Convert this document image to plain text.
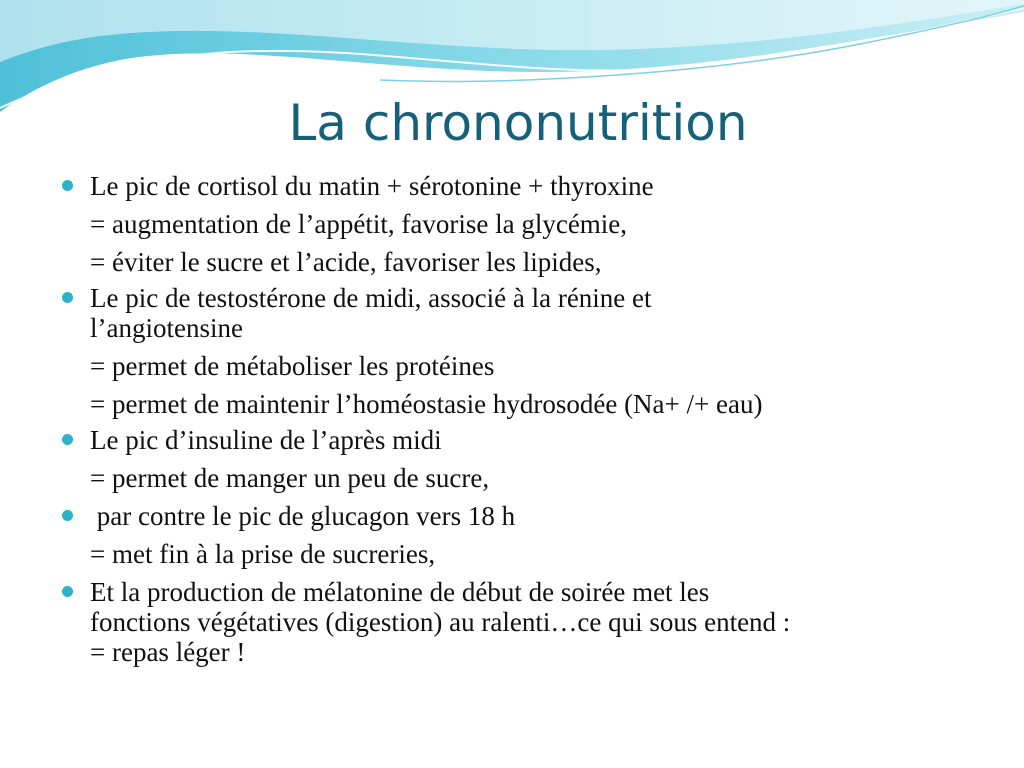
La chrononutrition
Le pic de cortisol du matin + sérotonine + thyroxine
= augmentation de l’appétit, favorise la glycémie,
= éviter le sucre et l’acide, favoriser les lipides,
Le pic de testostérone de midi, associé à la rénine et
l’angiotensine
= permet de métaboliser les protéines
= permet de maintenir l’homéostasie hydrosodée (Na+ /+ eau)
Le pic d’insuline de l’après midi
= permet de manger un peu de sucre,
par contre le pic de glucagon vers 18 h
= met fin à la prise de sucreries,
Et la production de mélatonine de début de soirée met les
fonctions végétatives (digestion) au ralenti…ce qui sous entend :
= repas léger !
